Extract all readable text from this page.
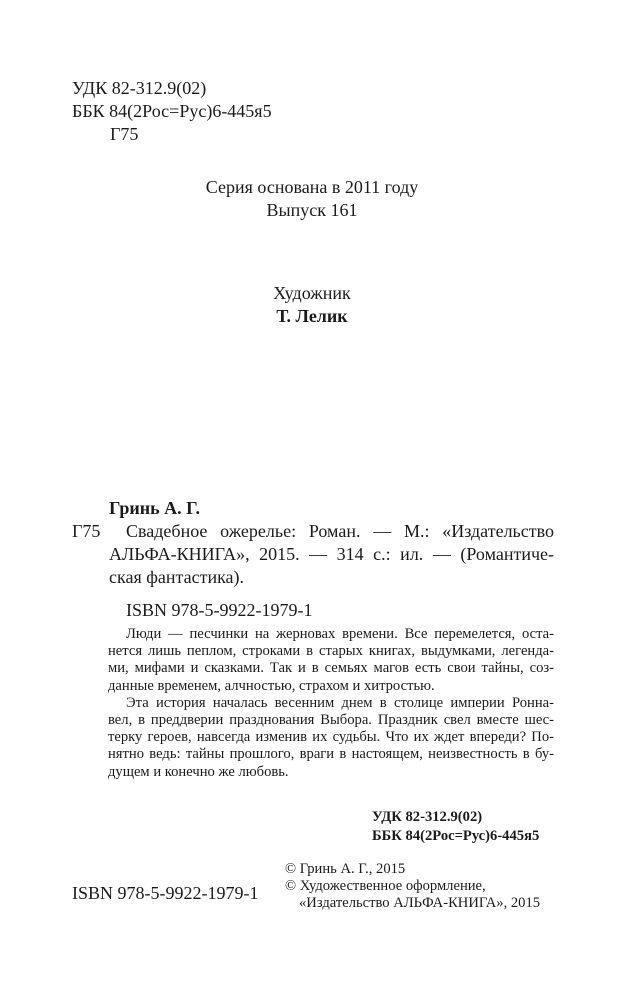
УДК 82-312.9(02)
ББК 84(2Рос=Рус)6-445я5
Г75
Серия основана в 2011 году
Выпуск 161
Художник
Т. Лелик
Гринь А. Г.
Г75 Свадебное ожерелье: Роман. — М.: «Издательство
АЛЬФА-КНИГА», 2015. — 314 с.: ил. — (Романтиче-
ская фантастика).
ISBN 978-5-9922-1979-1
Люди — песчинки на жерновах времени. Все перемелется, оста-
нется лишь пеплом, строками в старых книгах, выдумками, легенда-
ми, мифами и сказками. Так и в семьях магов есть свои тайны, соз-
данные временем, алчностью, страхом и хитростью.
Эта история началась весенним днем в столице империи Ронна-
вел, в преддверии празднования Выбора. Праздник свел вместе шес-
терку героев, навсегда изменив их судьбы. Что их ждет впереди? По-
нятно ведь: тайны прошлого, враги в настоящем, неизвестность в бу-
дущем и конечно же любовь.
УДК 82-312.9(02)
ББК 84(2Рос=Рус)6-445я5
ISBN 978-5-9922-1979-1
© Гринь А. Г., 2015
© Художественное оформление,
«Издательство АЛЬФА-КНИГА», 2015
